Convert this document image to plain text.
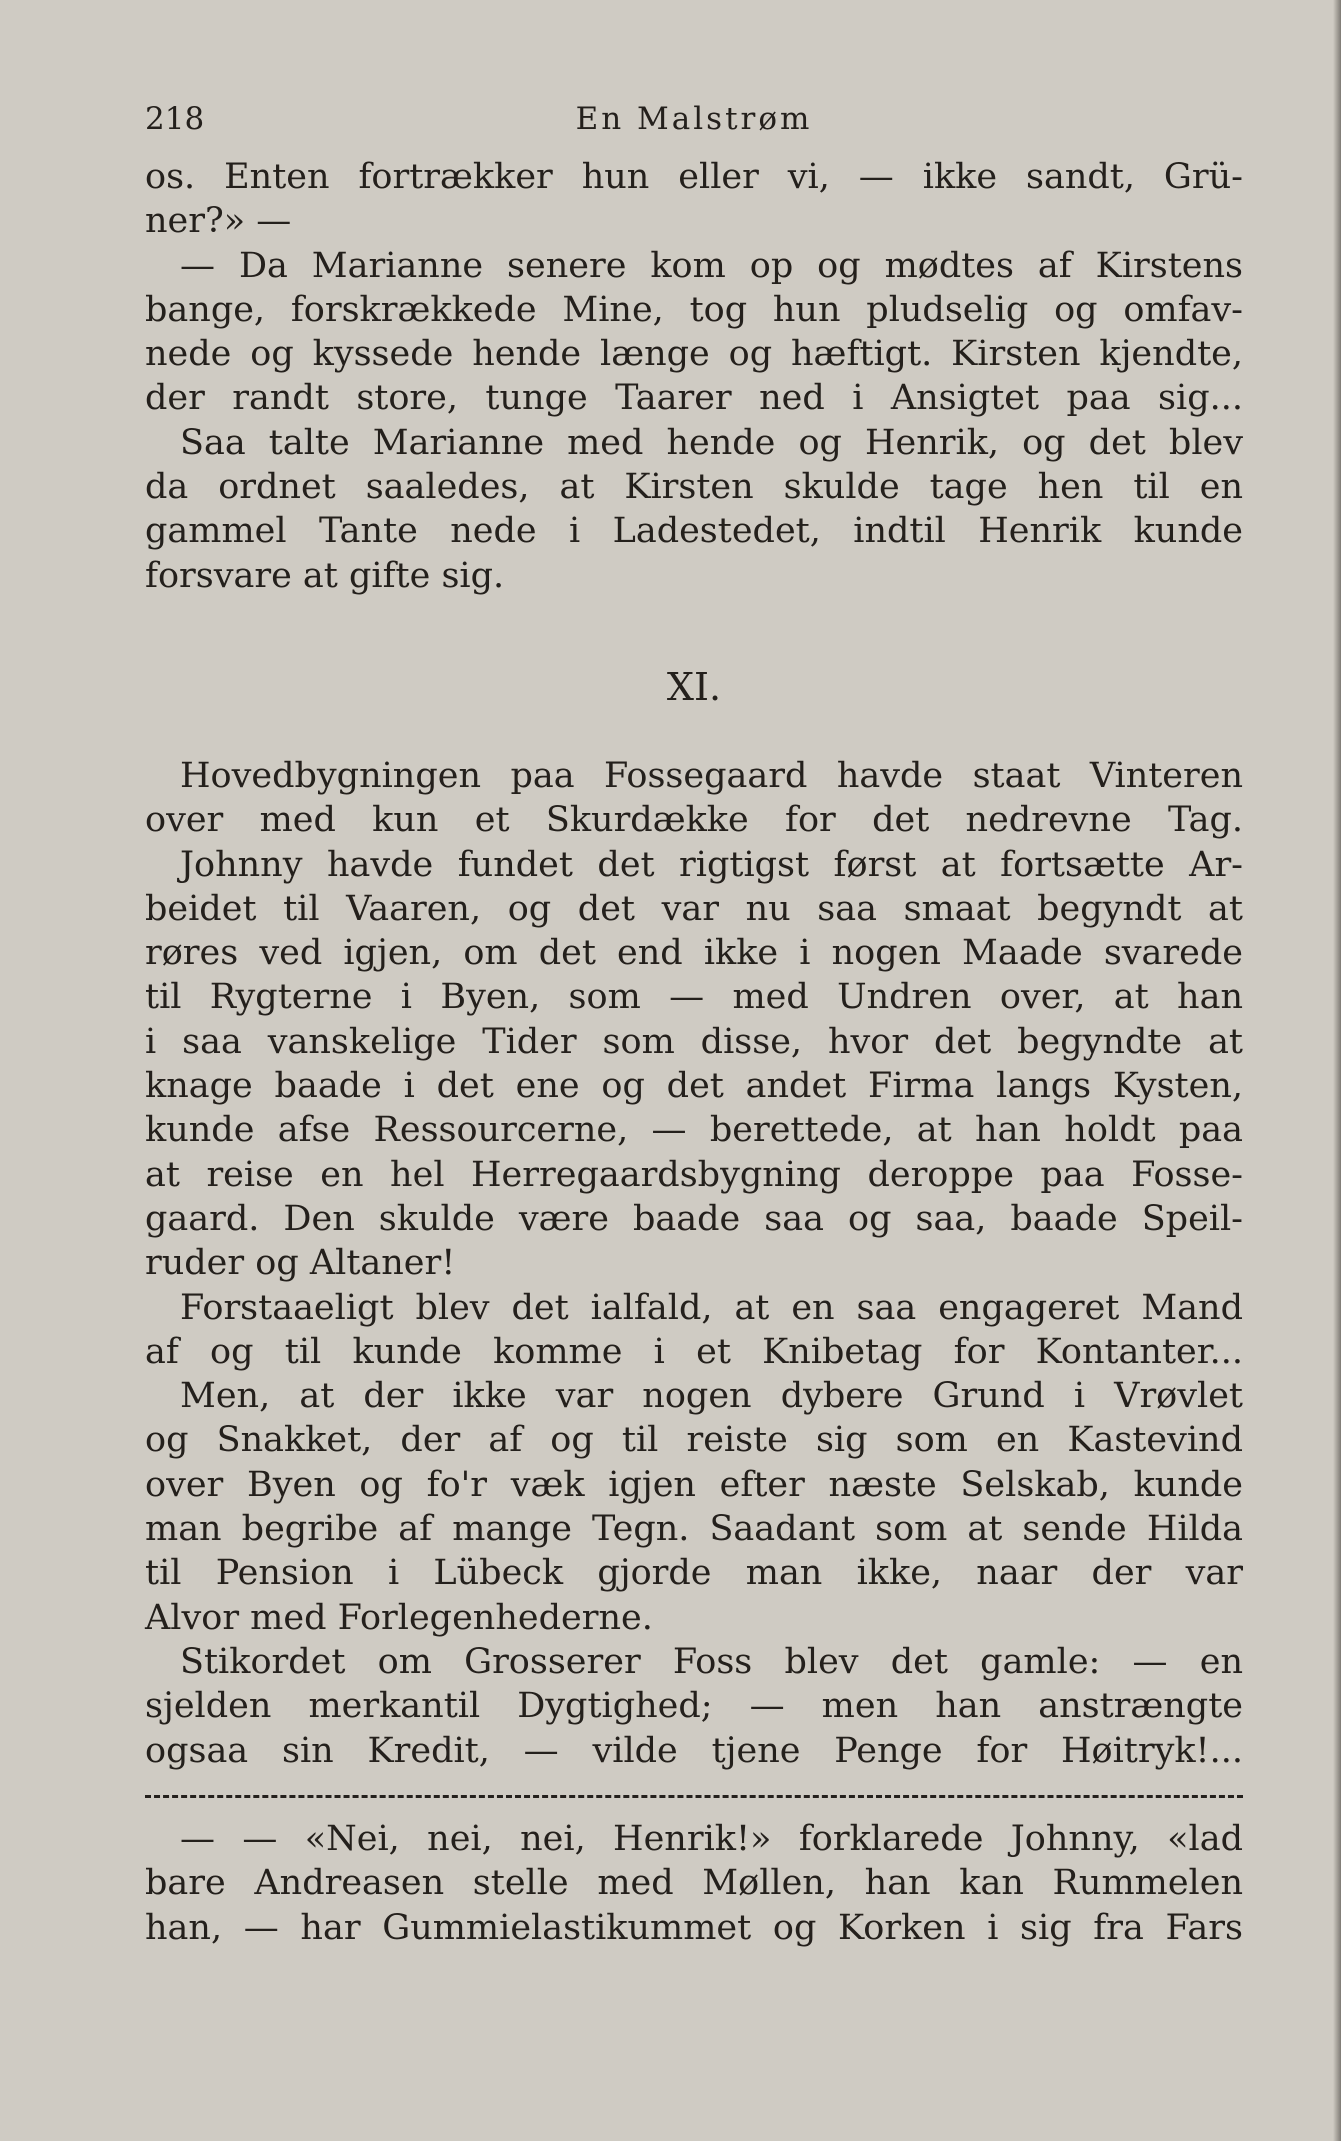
218	En Malstrøm
os. Enten fortrækker hun eller vi, — ikke sandt, Grü-
ner?» —
— Da Marianne senere kom op og mødtes af Kirstens
bange, forskrækkede Mine, tog hun pludselig og omfav-
nede og kyssede hende længe og hæftigt. Kirsten kjendte,
der randt store, tunge Taarer ned i Ansigtet paa sig...
Saa talte Marianne med hende og Henrik, og det blev
da ordnet saaledes, at Kirsten skulde tage hen til en
gammel Tante nede i Ladestedet, indtil Henrik kunde
forsvare at gifte sig.
XI.
Hovedbygningen paa Fossegaard havde staat Vinteren
over med kun et Skurdække for det nedrevne Tag.
Johnny havde fundet det rigtigst først at fortsætte Ar-
beidet til Vaaren, og det var nu saa smaat begyndt at
røres ved igjen, om det end ikke i nogen Maade svarede
til Rygterne i Byen, som — med Undren over, at han
i saa vanskelige Tider som disse, hvor det begyndte at
knage baade i det ene og det andet Firma langs Kysten,
kunde afse Ressourcerne, — berettede, at han holdt paa
at reise en hel Herregaardsbygning deroppe paa Fosse-
gaard. Den skulde være baade saa og saa, baade Speil-
ruder og Altaner!
Forstaaeligt blev det ialfald, at en saa engageret Mand
af og til kunde komme i et Knibetag for Kontanter...
Men, at der ikke var nogen dybere Grund i Vrøvlet
og Snakket, der af og til reiste sig som en Kastevind
over Byen og fo'r væk igjen efter næste Selskab, kunde
man begribe af mange Tegn. Saadant som at sende Hilda
til Pension i Lübeck gjorde man ikke, naar der var
Alvor med Forlegenhederne.
Stikordet om Grosserer Foss blev det gamle: — en
sjelden merkantil Dygtighed; — men han anstrængte
ogsaa sin Kredit, — vilde tjene Penge for Høitryk!...
— — «Nei, nei, nei, Henrik!» forklarede Johnny, «lad
bare Andreasen stelle med Møllen, han kan Rummelen
han, — har Gummielastikummet og Korken i sig fra Fars
